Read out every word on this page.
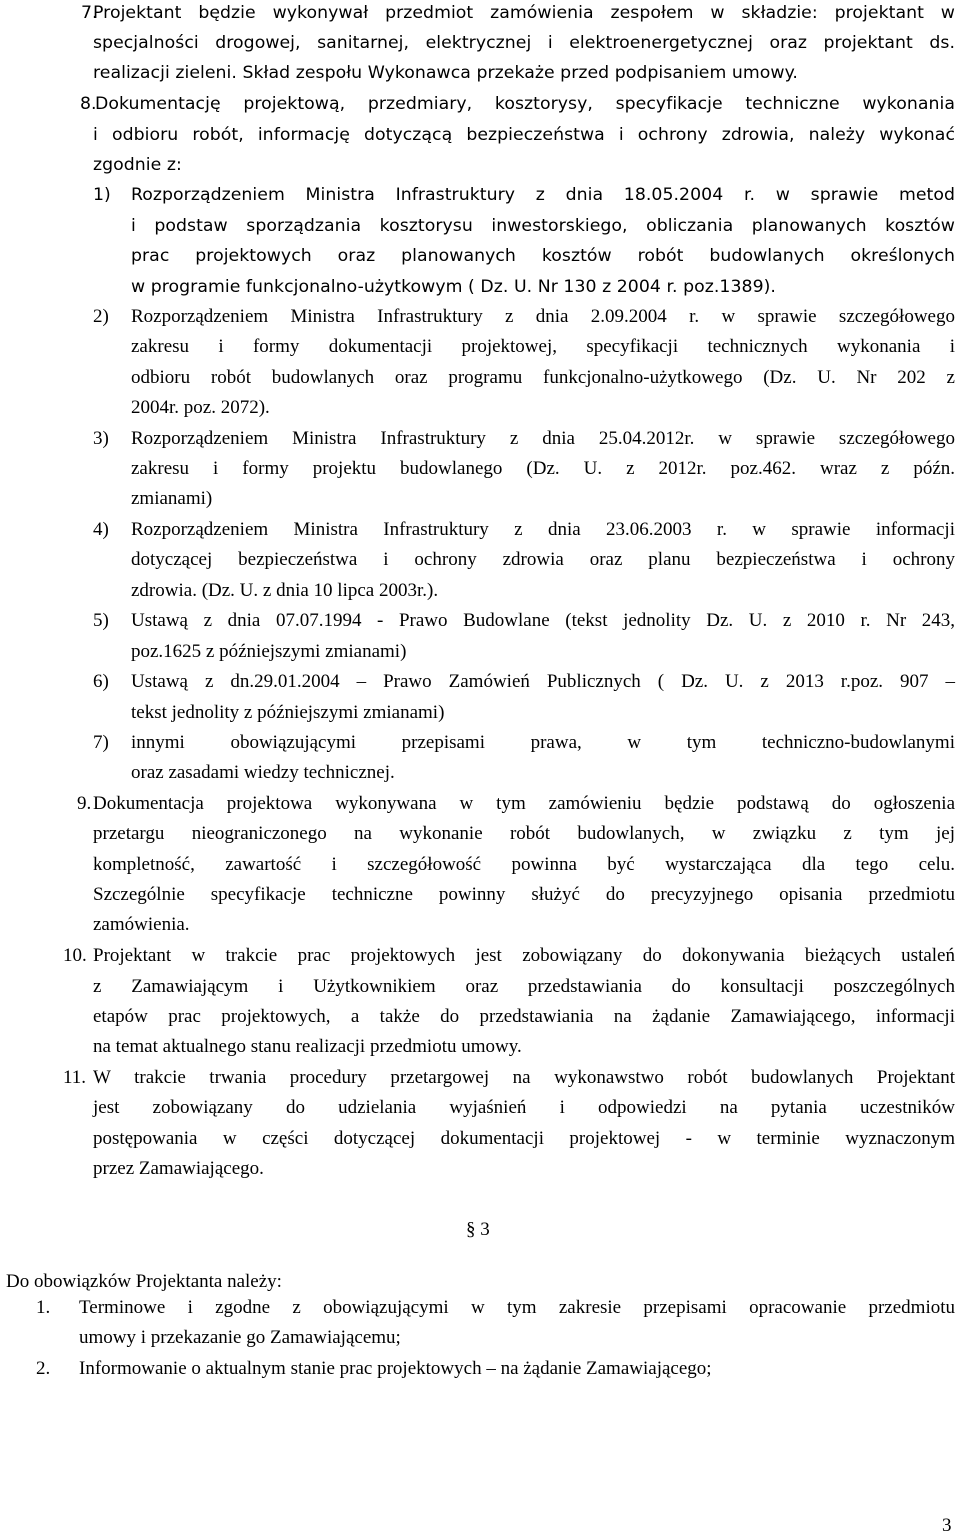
7.
Projektant będzie wykonywał przedmiot zamówienia zespołem w składzie: projektant w
specjalności drogowej, sanitarnej, elektrycznej i elektroenergetycznej oraz projektant ds.
realizacji zieleni. Skład zespołu Wykonawca przekaże przed podpisaniem umowy.
8.
Dokumentację projektową, przedmiary, kosztorysy, specyfikacje techniczne wykonania
i odbioru robót, informację dotyczącą bezpieczeństwa i ochrony zdrowia, należy wykonać
zgodnie z:
1) Rozporządzeniem Ministra Infrastruktury z dnia 18.05.2004 r. w sprawie metod
i podstaw sporządzania kosztorysu inwestorskiego, obliczania planowanych kosztów
prac projektowych oraz planowanych kosztów robót budowlanych określonych
w programie funkcjonalno-użytkowym ( Dz. U. Nr 130 z 2004 r. poz.1389).
2) Rozporządzeniem Ministra Infrastruktury z dnia 2.09.2004 r. w sprawie szczegółowego
zakresu i formy dokumentacji projektowej, specyfikacji technicznych wykonania i
odbioru robót budowlanych oraz programu funkcjonalno-użytkowego (Dz. U. Nr 202 z
2004r. poz. 2072).
3) Rozporządzeniem Ministra Infrastruktury z dnia 25.04.2012r. w sprawie szczegółowego
zakresu i formy projektu budowlanego (Dz. U. z 2012r. poz.462. wraz z późn.
zmianami)
4) Rozporządzeniem Ministra Infrastruktury z dnia 23.06.2003 r. w sprawie informacji
dotyczącej bezpieczeństwa i ochrony zdrowia oraz planu bezpieczeństwa i ochrony
zdrowia. (Dz. U. z dnia 10 lipca 2003r.).
5) Ustawą z dnia 07.07.1994 - Prawo Budowlane (tekst jednolity Dz. U. z 2010 r. Nr 243,
poz.1625 z późniejszymi zmianami)
6) Ustawą z dn.29.01.2004 – Prawo Zamówień Publicznych ( Dz. U. z 2013 r.poz. 907 –
tekst jednolity z późniejszymi zmianami)
7) innymi obowiązującymi przepisami prawa, w tym techniczno-budowlanymi
oraz zasadami wiedzy technicznej.
9. Dokumentacja projektowa wykonywana w tym zamówieniu będzie podstawą do ogłoszenia
przetargu nieograniczonego na wykonanie robót budowlanych, w związku z tym jej
kompletność, zawartość i szczegółowość powinna być wystarczająca dla tego celu.
Szczególnie specyfikacje techniczne powinny służyć do precyzyjnego opisania przedmiotu
zamówienia.
10. Projektant w trakcie prac projektowych jest zobowiązany do dokonywania bieżących ustaleń
z Zamawiającym i Użytkownikiem oraz przedstawiania do konsultacji poszczególnych
etapów prac projektowych, a także do przedstawiania na żądanie Zamawiającego, informacji
na temat aktualnego stanu realizacji przedmiotu umowy.
11. W trakcie trwania procedury przetargowej na wykonawstwo robót budowlanych Projektant
jest zobowiązany do udzielania wyjaśnień i odpowiedzi na pytania uczestników
postępowania w części dotyczącej dokumentacji projektowej - w terminie wyznaczonym
przez Zamawiającego.
§ 3
Do obowiązków Projektanta należy:
1. Terminowe i zgodne z obowiązującymi w tym zakresie przepisami opracowanie przedmiotu
umowy i przekazanie go Zamawiającemu;
2. Informowanie o aktualnym stanie prac projektowych – na żądanie Zamawiającego;
3
